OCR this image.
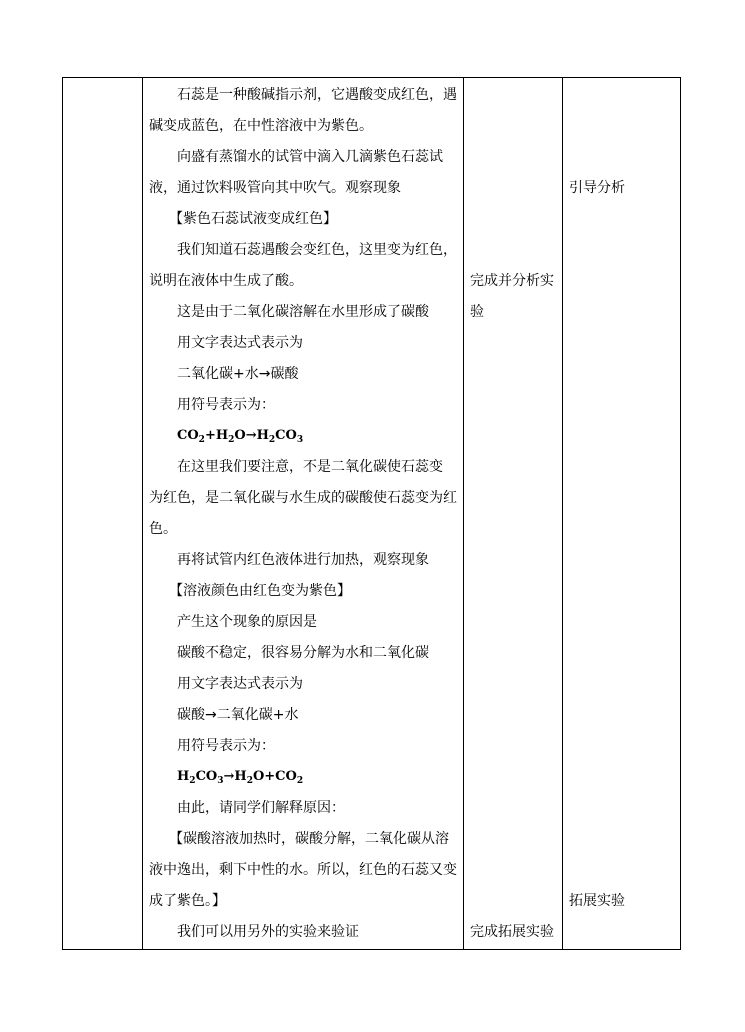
石蕊是一种酸碱指示剂，它遇酸变成红色，遇
碱变成蓝色，在中性溶液中为紫色。
向盛有蒸馏水的试管中滴入几滴紫色石蕊试
液，通过饮料吸管向其中吹气。观察现象
【紫色石蕊试液变成红色】
我们知道石蕊遇酸会变红色，这里变为红色，
说明在液体中生成了酸。
这是由于二氧化碳溶解在水里形成了碳酸
用文字表达式表示为
二氧化碳+水→碳酸
用符号表示为：
$CO_2+H_2O\to H_2CO_3$
在这里我们要注意，不是二氧化碳使石蕊变
为红色，是二氧化碳与水生成的碳酸使石蕊变为红
色。
再将试管内红色液体进行加热，观察现象
【溶液颜色由红色变为紫色】
产生这个现象的原因是
碳酸不稳定，很容易分解为水和二氧化碳
用文字表达式表示为
碳酸→二氧化碳+水
用符号表示为：
$H_2CO_3\to H_2O+CO_2$
由此，请同学们解释原因：
【碳酸溶液加热时，碳酸分解，二氧化碳从溶
液中逸出，剩下中性的水。所以，红色的石蕊又变
成了紫色。】
我们可以用另外的实验来验证
完成并分析实
验
完成拓展实验
引导分析
拓展实验
